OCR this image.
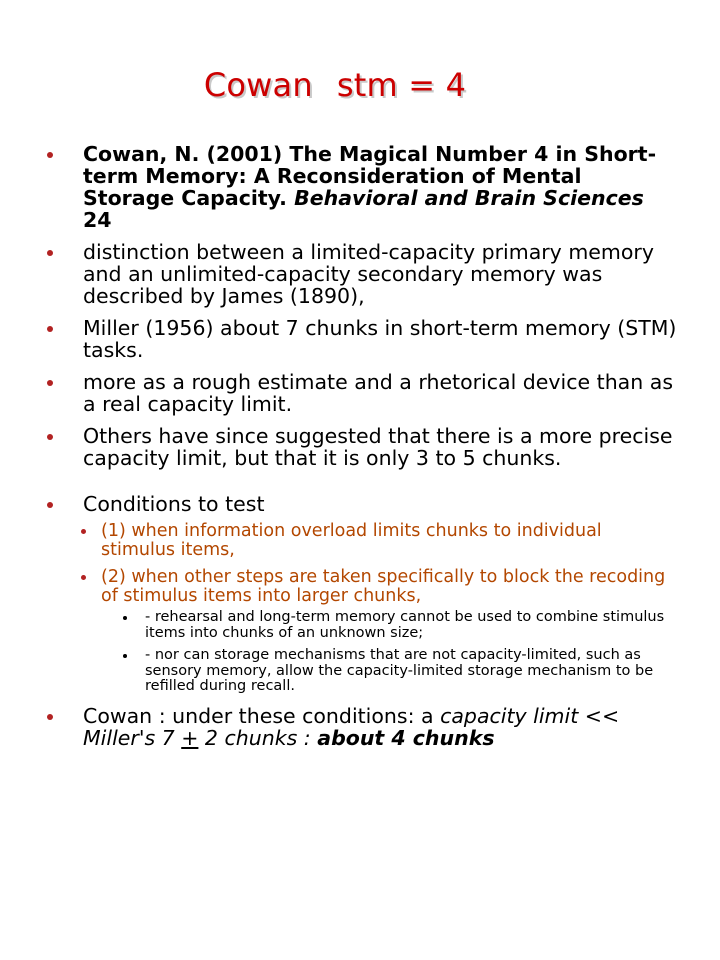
Cowan stm = 4
Cowan, N. (2001) The Magical Number 4 in Short-term Memory: A Reconsideration of Mental Storage Capacity. Behavioral and Brain Sciences 24
distinction between a limited-capacity primary memory and an unlimited-capacity secondary memory was described by James (1890),
Miller (1956) about 7 chunks in short-term memory (STM) tasks.
more as a rough estimate and a rhetorical device than as a real capacity limit.
Others have since suggested that there is a more precise capacity limit, but that it is only 3 to 5 chunks.
Conditions to test
(1) when information overload limits chunks to individual stimulus items,
(2) when other steps are taken specifically to block the recoding of stimulus items into larger chunks,
- rehearsal and long-term memory cannot be used to combine stimulus items into chunks of an unknown size;
- nor can storage mechanisms that are not capacity-limited, such as sensory memory, allow the capacity-limited storage mechanism to be refilled during recall.
Cowan : under these conditions: a capacity limit << Miller's 7 + 2 chunks : about 4 chunks
